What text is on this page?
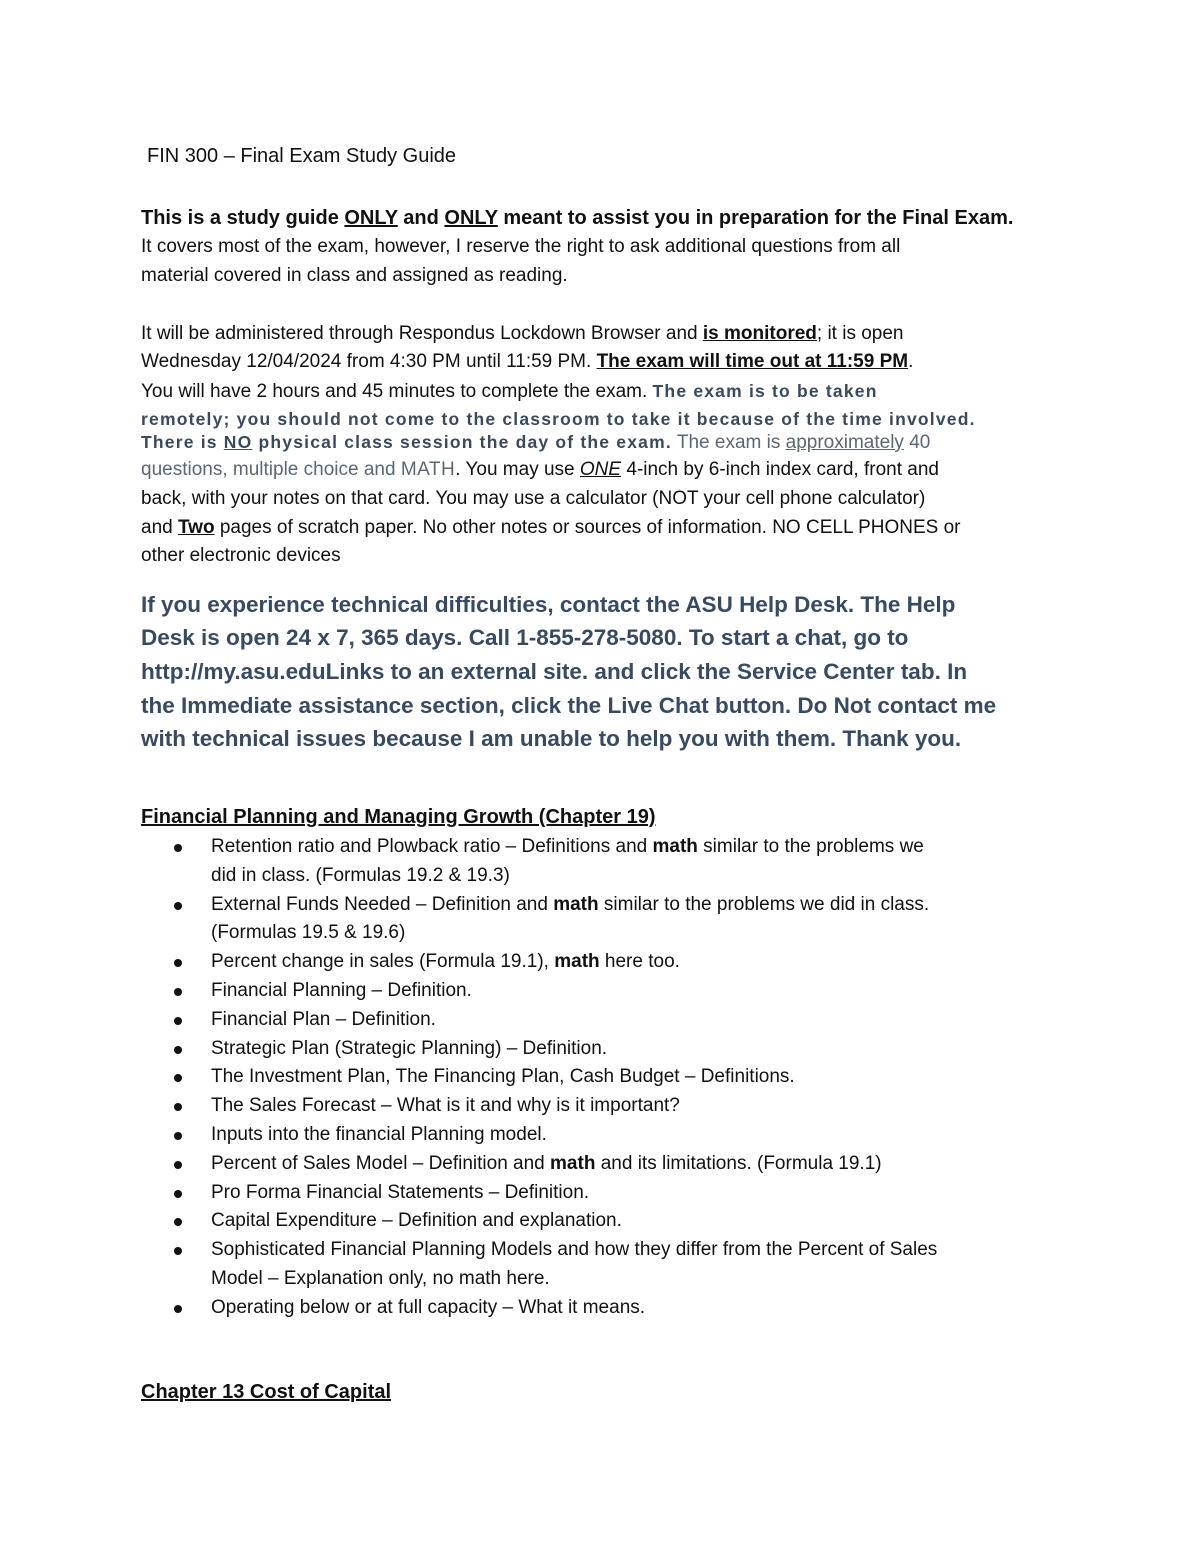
FIN 300 – Final Exam Study Guide
This is a study guide ONLY and ONLY meant to assist you in preparation for the Final Exam.
It covers most of the exam, however, I reserve the right to ask additional questions from all
material covered in class and assigned as reading.
It will be administered through Respondus Lockdown Browser and is monitored; it is open
Wednesday 12/04/2024 from 4:30 PM until 11:59 PM. The exam will time out at 11:59 PM.
You will have 2 hours and 45 minutes to complete the exam. The exam is to be taken
remotely; you should not come to the classroom to take it because of the time involved.
There is NO physical class session the day of the exam. The exam is approximately 40
questions, multiple choice and MATH. You may use ONE 4-inch by 6-inch index card, front and
back, with your notes on that card. You may use a calculator (NOT your cell phone calculator)
and Two pages of scratch paper. No other notes or sources of information. NO CELL PHONES or
other electronic devices
If you experience technical difficulties, contact the ASU Help Desk. The Help
Desk is open 24 x 7, 365 days. Call 1-855-278-5080. To start a chat, go to
http://my.asu.eduLinks to an external site. and click the Service Center tab. In
the Immediate assistance section, click the Live Chat button. Do Not contact me
with technical issues because I am unable to help you with them. Thank you.
Financial Planning and Managing Growth (Chapter 19)
Retention ratio and Plowback ratio – Definitions and math similar to the problems we
did in class. (Formulas 19.2 & 19.3)
External Funds Needed – Definition and math similar to the problems we did in class.
(Formulas 19.5 & 19.6)
Percent change in sales (Formula 19.1), math here too.
Financial Planning – Definition.
Financial Plan – Definition.
Strategic Plan (Strategic Planning) – Definition.
The Investment Plan, The Financing Plan, Cash Budget – Definitions.
The Sales Forecast – What is it and why is it important?
Inputs into the financial Planning model.
Percent of Sales Model – Definition and math and its limitations. (Formula 19.1)
Pro Forma Financial Statements – Definition.
Capital Expenditure – Definition and explanation.
Sophisticated Financial Planning Models and how they differ from the Percent of Sales
Model – Explanation only, no math here.
Operating below or at full capacity – What it means.
Chapter 13 Cost of Capital
